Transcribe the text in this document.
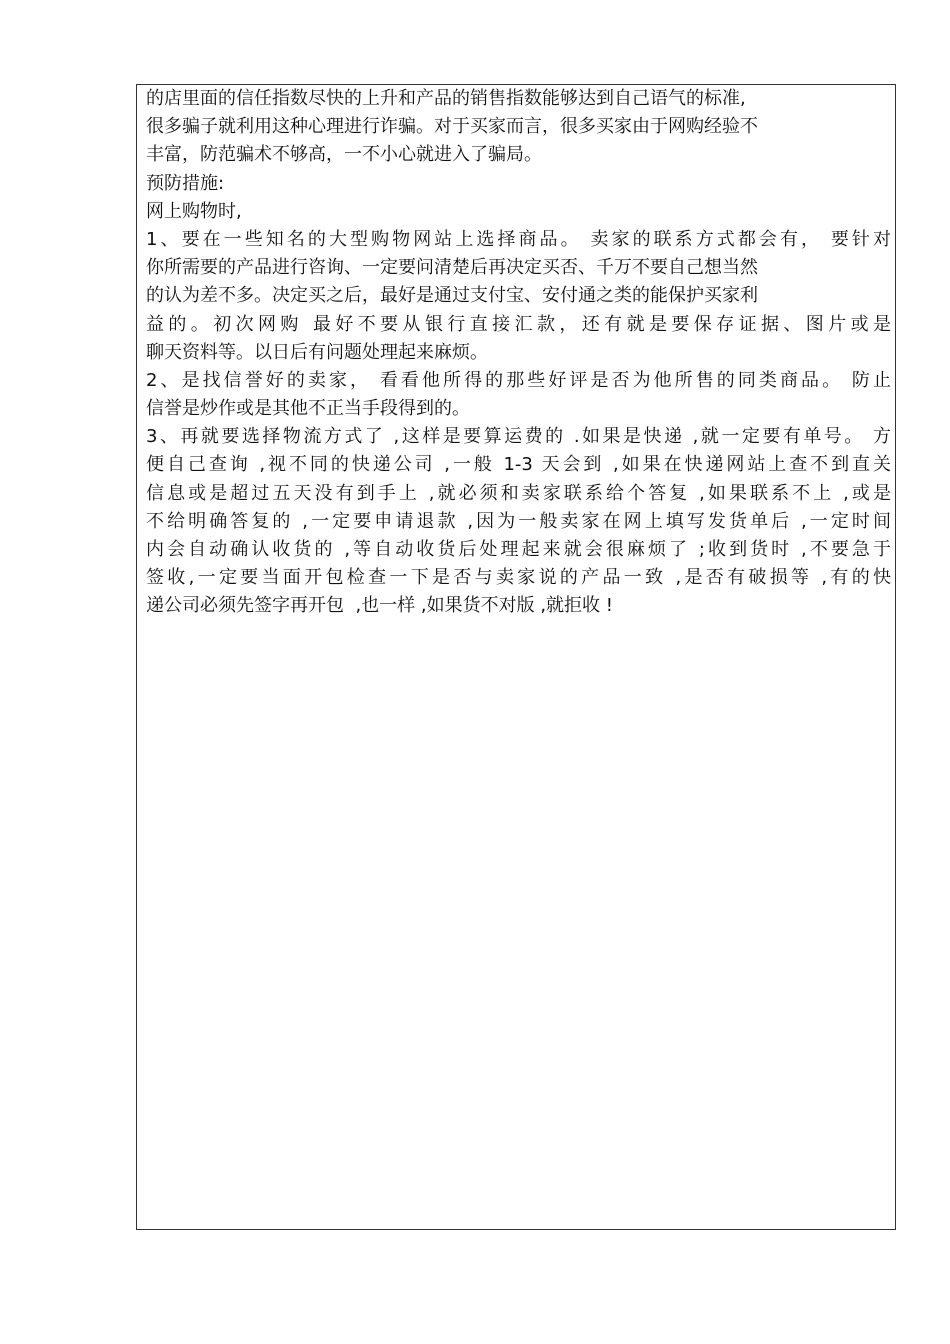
的店里面的信任指数尽快的上升和产品的销售指数能够达到自己语气的标准,
很多骗子就利用这种心理进行诈骗。对于买家而言，很多买家由于网购经验不
丰富，防范骗术不够高，一不小心就进入了骗局。
预防措施:
网上购物时,
1、要在一些知名的大型购物网站上选择商品。 卖家的联系方式都会有， 要针对
你所需要的产品进行咨询、一定要问清楚后再决定买否、千万不要自己想当然
的认为差不多。决定买之后，最好是通过支付宝、安付通之类的能保护买家利
益的。初次网购 最好不要从银行直接汇款，还有就是要保存证据、图片或是
聊天资料等。以日后有问题处理起来麻烦。
2、是找信誉好的卖家， 看看他所得的那些好评是否为他所售的同类商品。 防止
信誉是炒作或是其他不正当手段得到的。
3、再就要选择物流方式了 ,这样是要算运费的 .如果是快递 ,就一定要有单号。 方
便自己查询 ,视不同的快递公司 ,一般 1-3 天会到 ,如果在快递网站上查不到直关
信息或是超过五天没有到手上 ,就必须和卖家联系给个答复 ,如果联系不上 ,或是
不给明确答复的 ,一定要申请退款 ,因为一般卖家在网上填写发货单后 ,一定时间
内会自动确认收货的 ,等自动收货后处理起来就会很麻烦了 ;收到货时 ,不要急于
签收,一定要当面开包检查一下是否与卖家说的产品一致 ,是否有破损等 ,有的快
递公司必须先签字再开包  ,也一样 ,如果货不对版 ,就拒收 !
